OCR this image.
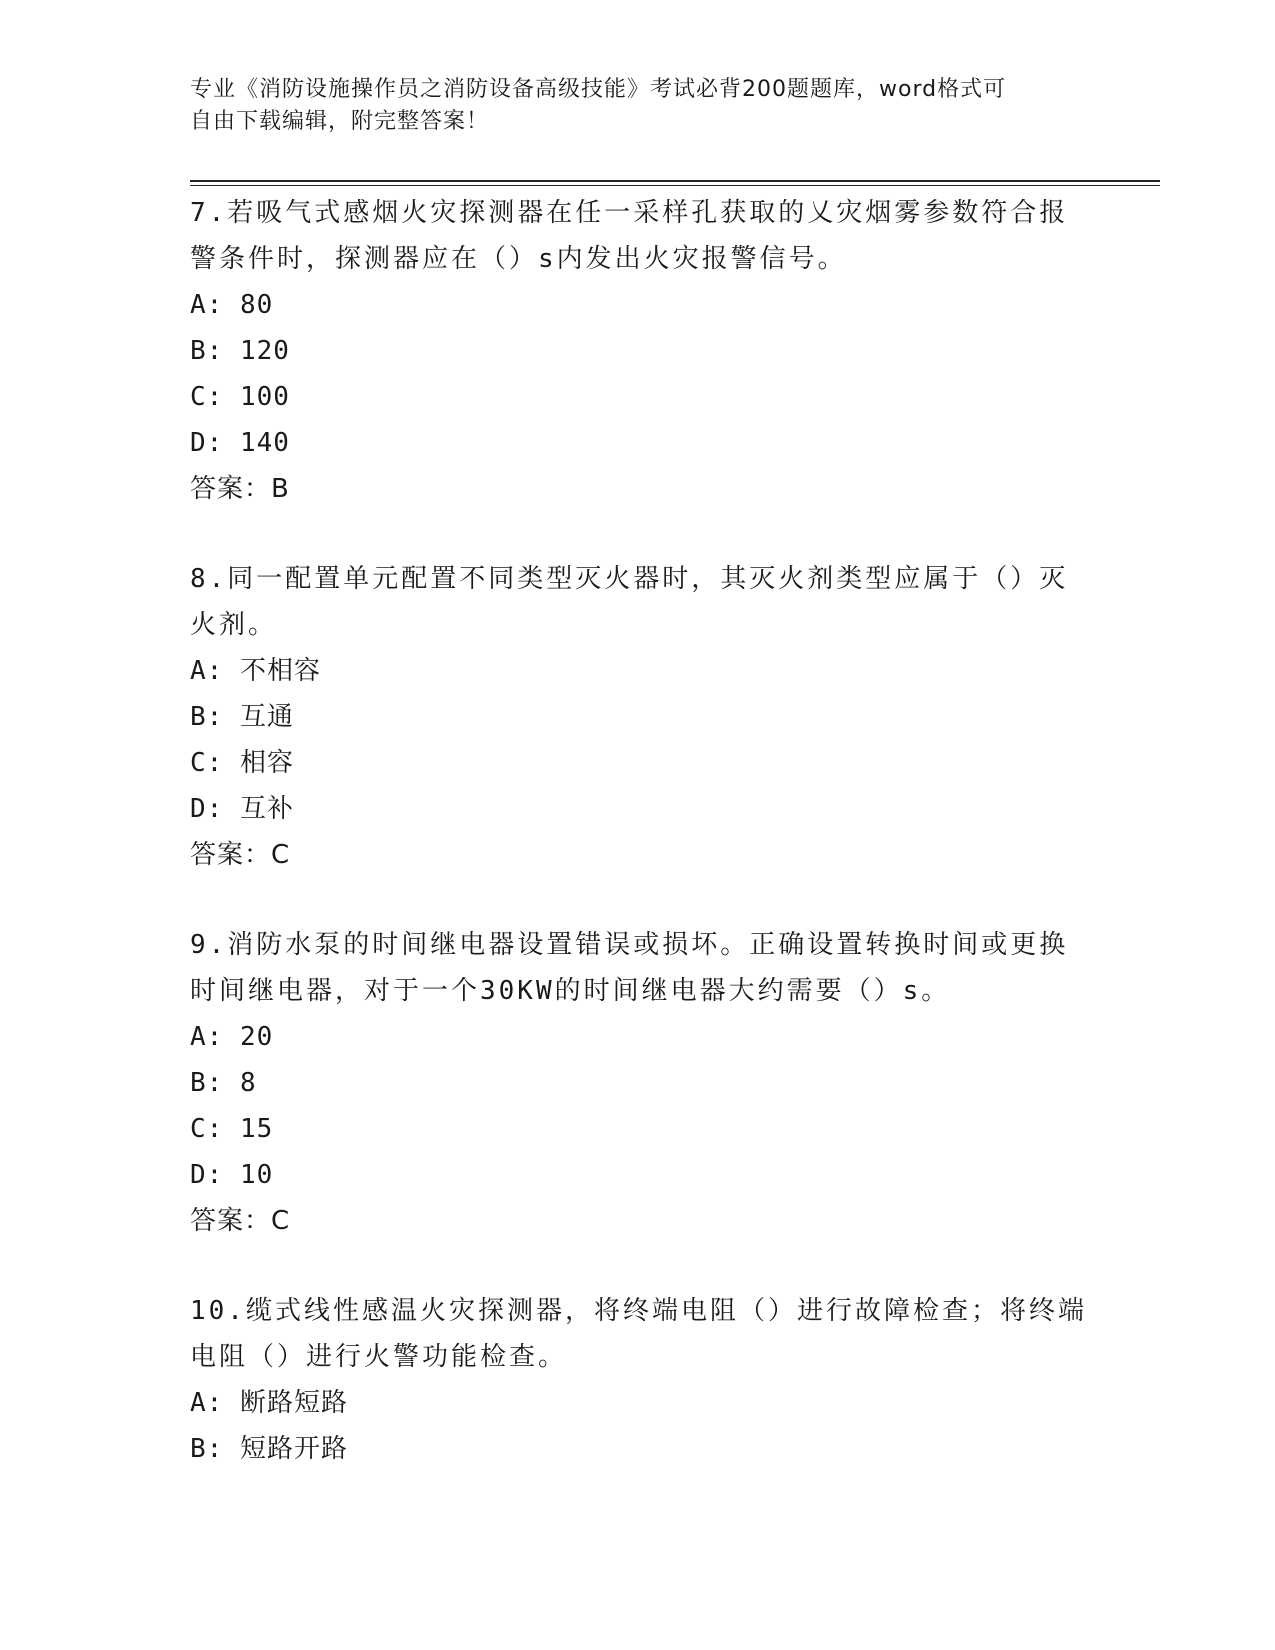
专业《消防设施操作员之消防设备高级技能》考试必背200题题库，word格式可
自由下载编辑，附完整答案！

7.若吸气式感烟火灾探测器在任一采样孔获取的乂灾烟雾参数符合报警条件时，探测器应在（）s内发出火灾报警信号。

A: 80

B: 120

C: 100

D: 140

答案：B

8.同一配置单元配置不同类型灭火器时，其灭火剂类型应属于（）灭火剂。

A: 不相容

B: 互通

C: 相容

D: 互补

答案：C

9.消防水泵的时间继电器设置错误或损坏。正确设置转换时间或更换时间继电器，对于一个30KW的时间继电器大约需要（）s。

A: 20

B: 8

C: 15

D: 10

答案：C

10.缆式线性感温火灾探测器，将终端电阻（）进行故障检查；将终端电阻（）进行火警功能检查。

A: 断路短路

B: 短路开路
